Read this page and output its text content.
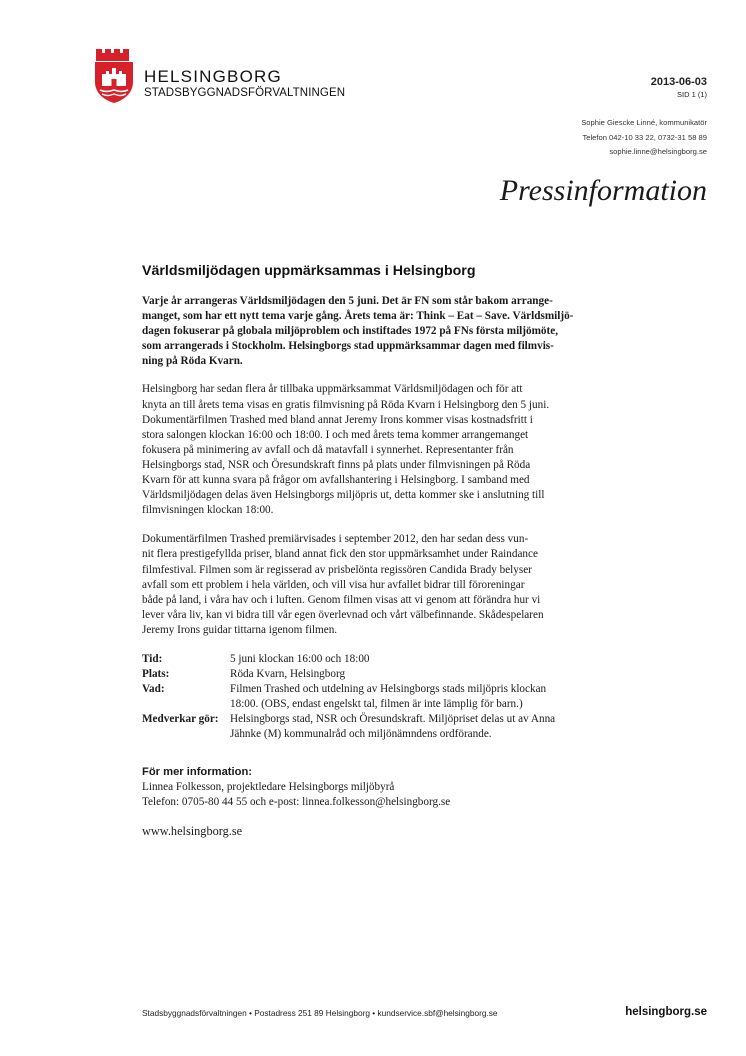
HELSINGBORG
STADSBYGGNADSFÖRVALTNINGEN
2013-06-03
SID 1 (1)
Sophie Giescke Linné, kommunikatör
Telefon 042-10 33 22, 0732-31 58 89
sophie.linne@helsingborg.se
Pressinformation
Världsmiljödagen uppmärksammas i Helsingborg
Varje år arrangeras Världsmiljödagen den 5 juni. Det är FN som står bakom arrange-
manget, som har ett nytt tema varje gång. Årets tema är: Think – Eat – Save. Världsmiljö-
dagen fokuserar på globala miljöproblem och instiftades 1972 på FNs första miljömöte,
som arrangerads i Stockholm. Helsingborgs stad uppmärksammar dagen med filmvis-
ning på Röda Kvarn.
Helsingborg har sedan flera år tillbaka uppmärksammat Världsmiljödagen och för att
knyta an till årets tema visas en gratis filmvisning på Röda Kvarn i Helsingborg den 5 juni.
Dokumentärfilmen Trashed med bland annat Jeremy Irons kommer visas kostnadsfritt i
stora salongen klockan 16:00 och 18:00. I och med årets tema kommer arrangemanget
fokusera på minimering av avfall och då matavfall i synnerhet. Representanter från
Helsingborgs stad, NSR och Öresundskraft finns på plats under filmvisningen på Röda
Kvarn för att kunna svara på frågor om avfallshantering i Helsingborg. I samband med
Världsmiljödagen delas även Helsingborgs miljöpris ut, detta kommer ske i anslutning till
filmvisningen klockan 18:00.
Dokumentärfilmen Trashed premiärvisades i september 2012, den har sedan dess vun-
nit flera prestigefyllda priser, bland annat fick den stor uppmärksamhet under Raindance
filmfestival. Filmen som är regisserad av prisbelönta regissören Candida Brady belyser
avfall som ett problem i hela världen, och vill visa hur avfallet bidrar till föroreningar
både på land, i våra hav och i luften. Genom filmen visas att vi genom att förändra hur vi
lever våra liv, kan vi bidra till vår egen överlevnad och vårt välbefinnande. Skådespelaren
Jeremy Irons guidar tittarna igenom filmen.
Tid:	5 juni klockan 16:00 och 18:00
Plats:	Röda Kvarn, Helsingborg
Vad:	Filmen Trashed och utdelning av Helsingborgs stads miljöpris klockan
18:00. (OBS, endast engelskt tal, filmen är inte lämplig för barn.)
Medverkar gör:	Helsingborgs stad, NSR och Öresundskraft. Miljöpriset delas ut av Anna
Jähnke (M) kommunalråd och miljönämndens ordförande.
För mer information:
Linnea Folkesson, projektledare Helsingborgs miljöbyrå
Telefon: 0705-80 44 55 och e-post: linnea.folkesson@helsingborg.se
www.helsingborg.se
Stadsbyggnadsförvaltningen • Postadress 251 89 Helsingborg • kundservice.sbf@helsingborg.se	helsingborg.se
